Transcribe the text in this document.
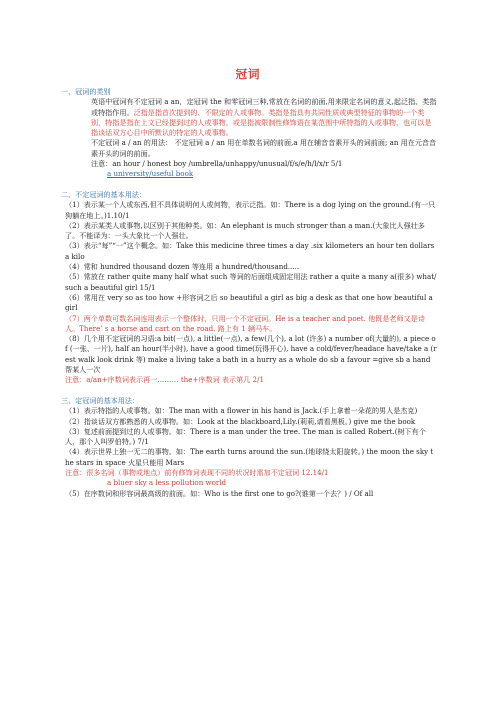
冠词

一、冠词的类别

英语中冠词有不定冠词 a an，定冠词 the 和零冠词三种,常放在名词的前面,用来限定名词的意义,起泛指、类指或特指作用。泛指是指首次提到的、不限定的人或事物。类指是指具有共同性质或典型特征的事物的一个类别，特指是指在上文已经提到过的人或事物，或是指被限制性修饰语在某范围中所特指的人或事物，也可以是指谈话双方心目中所默认的特定的人或事物。

不定冠词 a / an 的用法： 不定冠词 a / an 用在单数名词的前面,a 用在辅音音素开头的词前面; an 用在元音音素开头的词的前面。

注意：an hour / honest boy /umbrella/unhappy/unusual/f/s/e/h/l/x/r 5/1

a university/useful book

二、不定冠词的基本用法：

（1）表示某一个人或东西,但不具体说明何人或何物，表示泛指。如：There is a dog lying on the ground.(有一只狗躺在地上。)1.10/1

（2）表示某类人或事物,以区别于其他种类。如：An elephant is much stronger than a man.(大象比人强壮多了。不能译为：一头大象比一个人强壮。

（3）表示“每”“一”这个概念。如：Take this medicine three times a day .six kilometers an hour ten dollars a kilo

（4）常和 hundred thousand dozen 等连用 a hundred/thousand.....

（5）常放在 rather quite many half what such 等词的后面组成固定用法 rather a quite a many a(很多) what/such a beautiful girl 15/1

（6）常用在 very so as too how +形容词之后 so beautiful a girl as big a desk as that one how beautiful a girl

（7）两个单数可数名词连用表示一个整体时，只用一个不定冠词。He is a teacher and poet. 他既是老师又是诗人。There’ s a horse and cart on the road. 路上有 1 辆马车。

（8）几个用不定冠词的习语:a bit(一点), a little(一点), a few(几个), a lot (许多) a number of(大量的), a piece of (一张、一片), half an hour(半小时), have a good time(玩得开心), have a cold/fever/headace have/take a (rest walk look drink 等) make a living take a bath in a hurry as a whole do sb a favour =give sb a hand 帮某人一次

注意：a/an+序数词表示再一……… the+序数词 表示第几 2/1

三、定冠词的基本用法：

（1）表示特指的人或事物。如：The man with a flower in his hand is Jack.(手上拿着一朵花的男人是杰克)

（2）指谈话双方都熟悉的人或事物。如：Look at the blackboard,Lily.(莉莉,请看黑板。) give me the book

（3）复述前面提到过的人或事物。如：There is a man under the tree. The man is called Robert.(树下有个人，那个人叫罗伯特。) 7/1

（4）表示世界上独一无二的事物。如：The earth turns around the sun.(地球绕太阳旋转。) the moon the sky the stars in space 火星只能用 Mars

注意：很多名词（事物或地点）前有修饰词表现不同的状况时需加不定冠词 12.14/1

a bluer sky a less pollution world

（5）在序数词和形容词最高级的前面。如：Who is the first one to go?(谁第一个去？) / Of all
